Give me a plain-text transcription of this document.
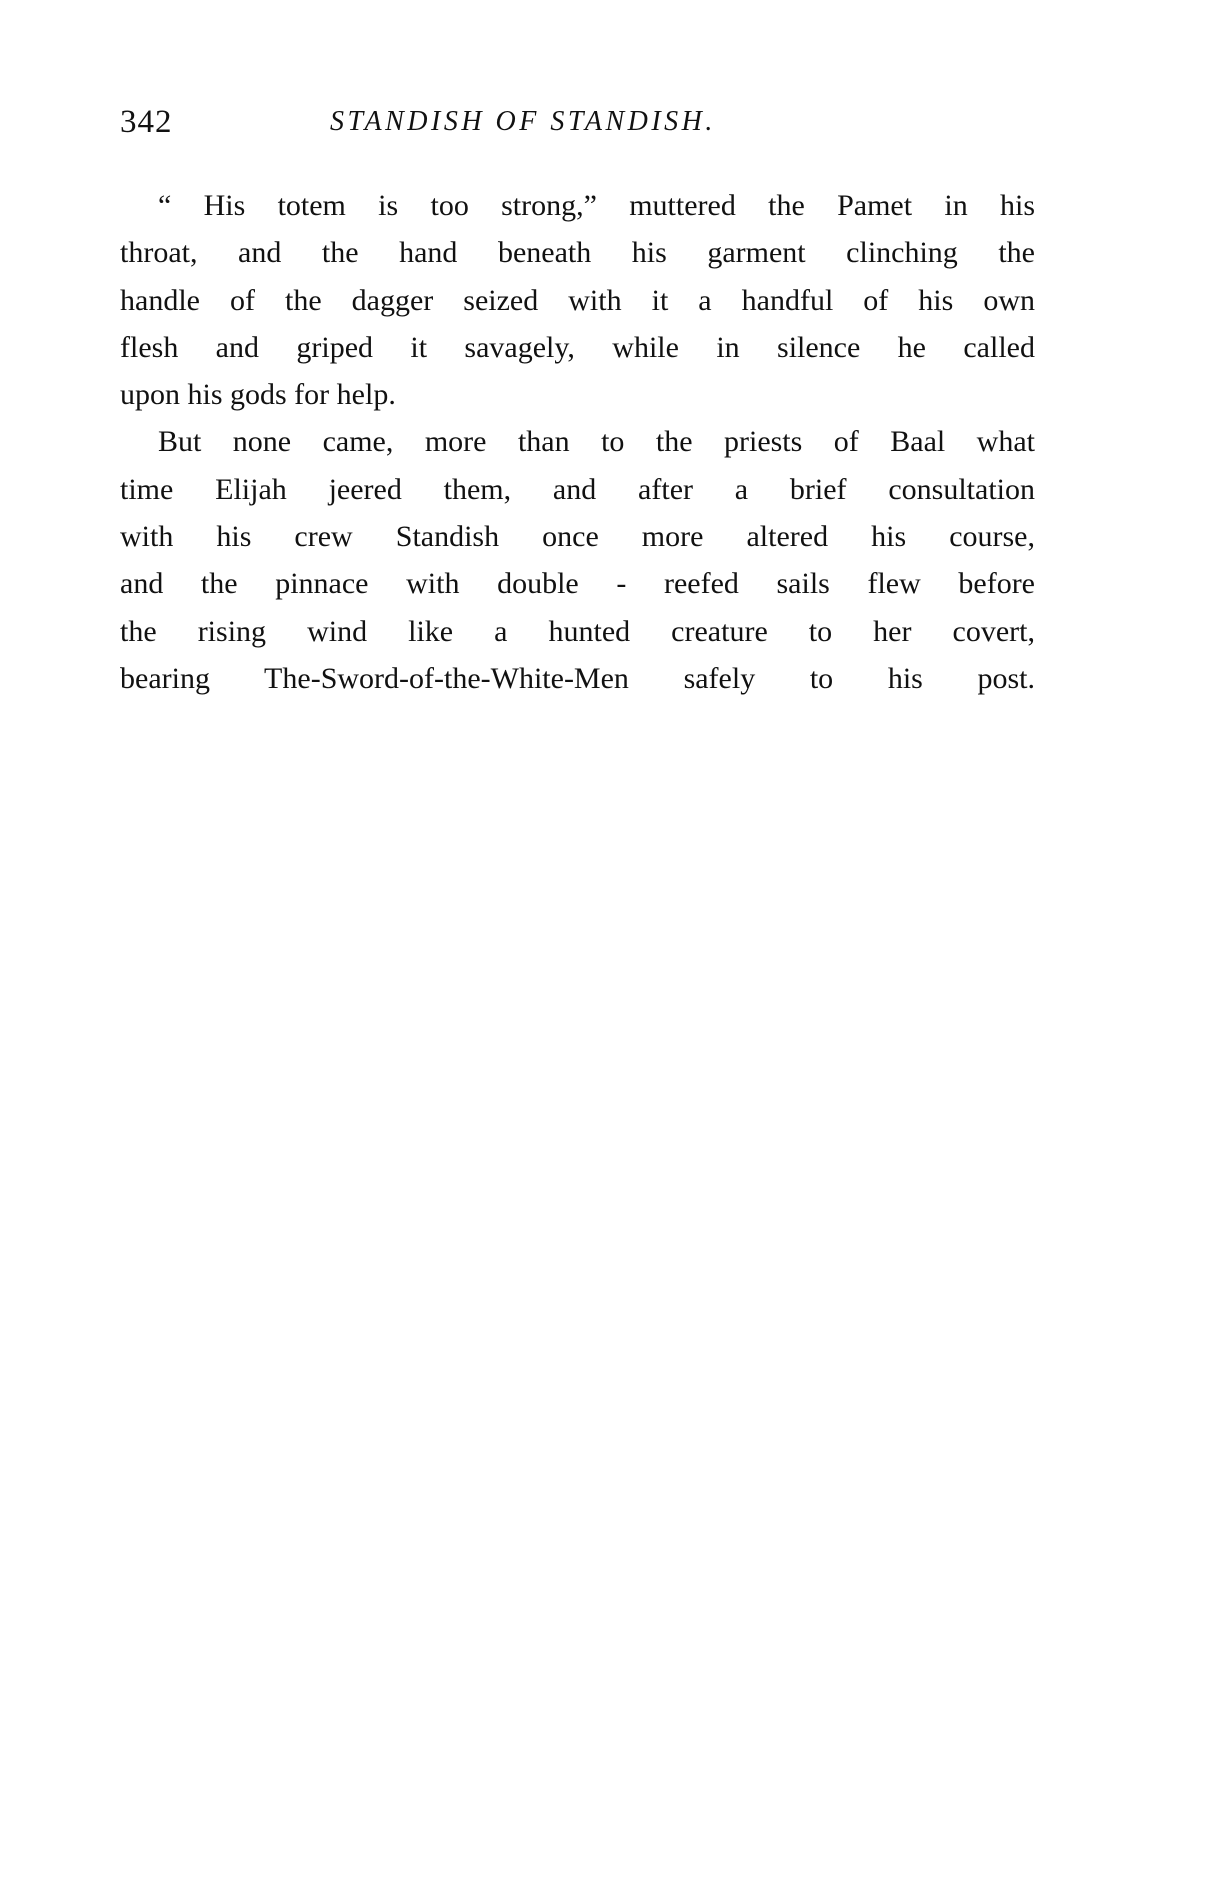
342	STANDISH OF STANDISH.

“ His totem is too strong,” muttered the Pamet in his
throat, and the hand beneath his garment clinching the
handle of the dagger seized with it a handful of his own
flesh and griped it savagely, while in silence he called
upon his gods for help.

But none came, more than to the priests of Baal what
time Elijah jeered them, and after a brief consultation
with his crew Standish once more altered his course,
and the pinnace with double - reefed sails flew before
the rising wind like a hunted creature to her covert,
bearing The-Sword-of-the-White-Men safely to his post.
